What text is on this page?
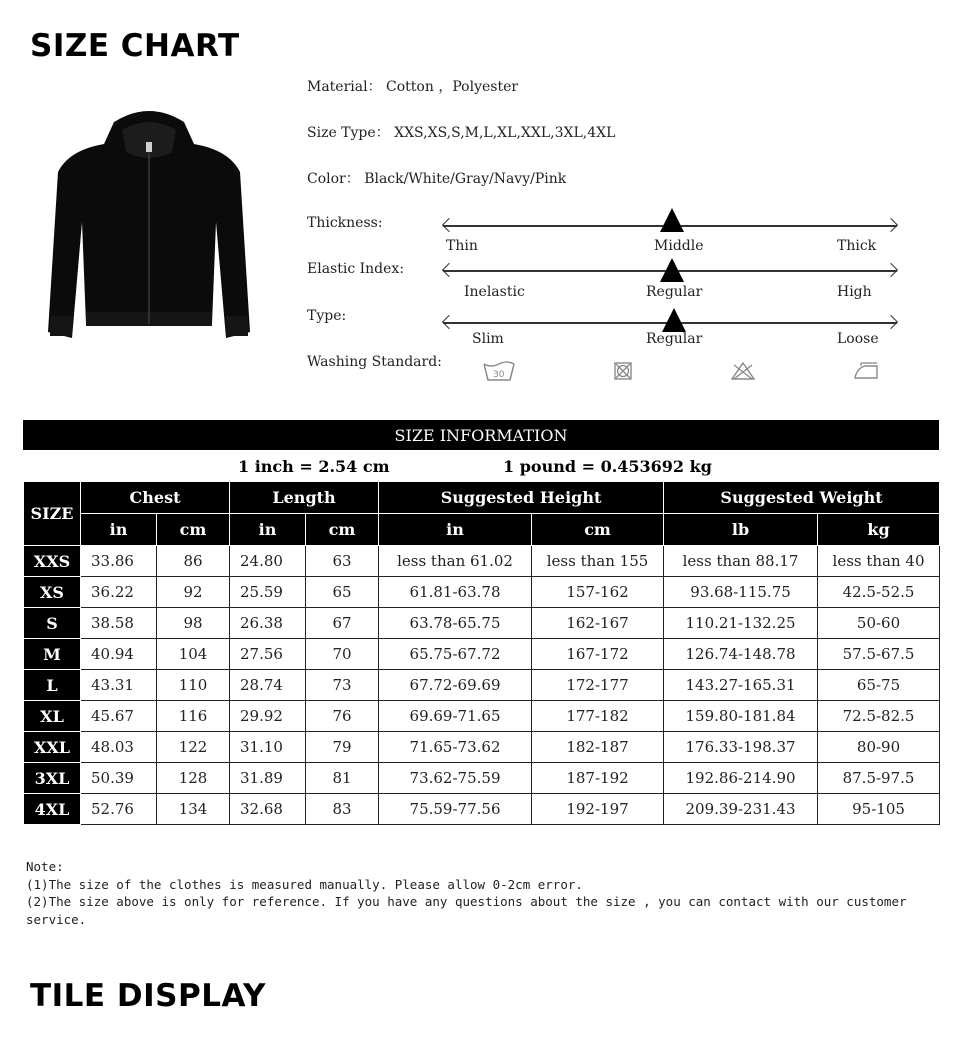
SIZE CHART
Material： Cotton ，Polyester
Size Type： XXS,XS,S,M,L,XL,XXL,3XL,4XL
Color： Black/White/Gray/Navy/Pink
Thickness:
Thin	Middle	Thick
Elastic Index:
Inelastic	Regular	High
Type:
Slim	Regular	Loose
Washing Standard:
30
SIZE INFORMATION
1 inch = 2.54 cm	1 pound = 0.453692 kg
SIZE	Chest		Length		Suggested Height		Suggested Weight	
	in	cm	in	cm	in	cm	lb	kg
XXS	33.86	86	24.80	63	less than 61.02	less than 155	less than 88.17	less than 40
XS	36.22	92	25.59	65	61.81-63.78	157-162	93.68-115.75	42.5-52.5
S	38.58	98	26.38	67	63.78-65.75	162-167	110.21-132.25	50-60
M	40.94	104	27.56	70	65.75-67.72	167-172	126.74-148.78	57.5-67.5
L	43.31	110	28.74	73	67.72-69.69	172-177	143.27-165.31	65-75
XL	45.67	116	29.92	76	69.69-71.65	177-182	159.80-181.84	72.5-82.5
XXL	48.03	122	31.10	79	71.65-73.62	182-187	176.33-198.37	80-90
3XL	50.39	128	31.89	81	73.62-75.59	187-192	192.86-214.90	87.5-97.5
4XL	52.76	134	32.68	83	75.59-77.56	192-197	209.39-231.43	95-105
Note:
(1)The size of the clothes is measured manually. Please allow 0-2cm error.
(2)The size above is only for reference. If you have any questions about the size , you can contact with our customer service.
TILE DISPLAY
